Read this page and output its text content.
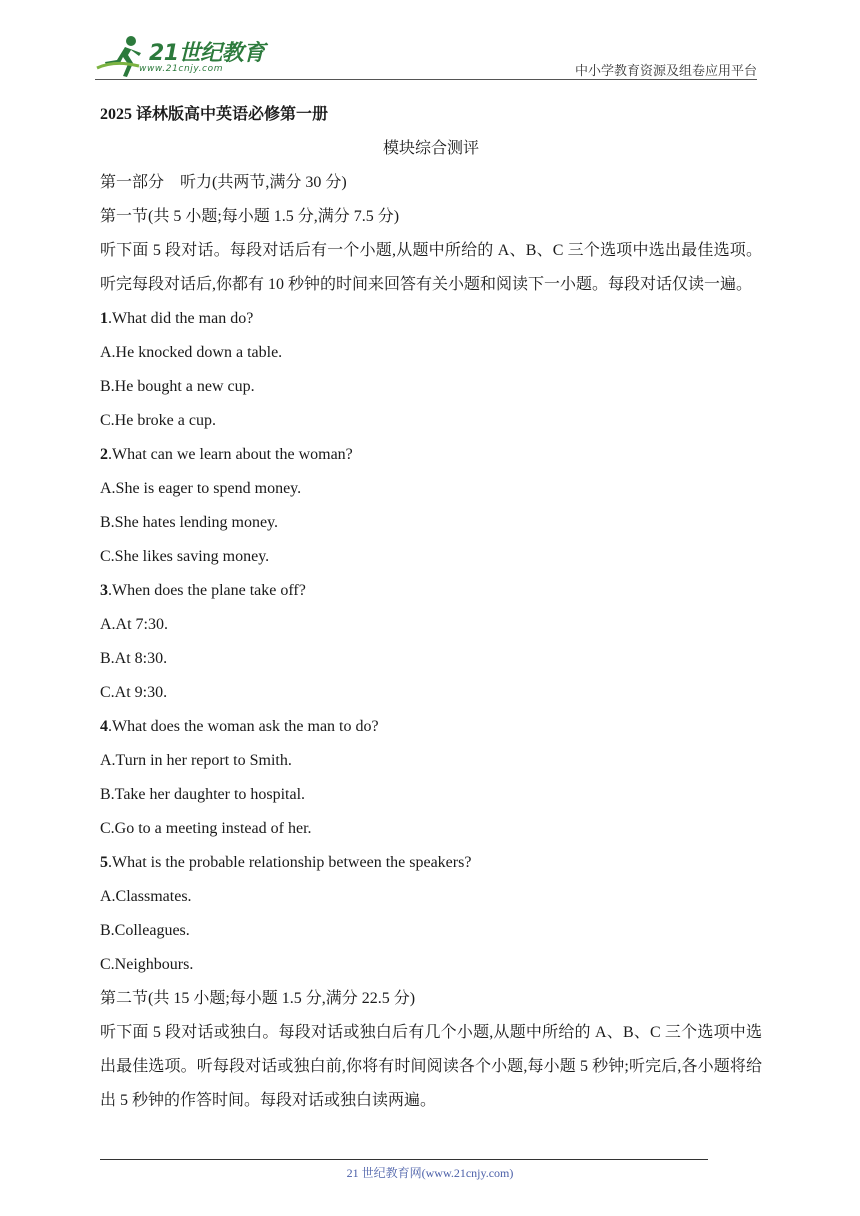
21世纪教育
www.21cnjy.com	中小学教育资源及组卷应用平台
2025 译林版高中英语必修第一册
模块综合测评
第一部分　听力(共两节,满分 30 分)
第一节(共 5 小题;每小题 1.5 分,满分 7.5 分)
听下面 5 段对话。每段对话后有一个小题,从题中所给的 A、B、C 三个选项中选出最佳选项。听完每段对话后,你都有 10 秒钟的时间来回答有关小题和阅读下一小题。每段对话仅读一遍。
1.What did the man do?
A.He knocked down a table.
B.He bought a new cup.
C.He broke a cup.
2.What can we learn about the woman?
A.She is eager to spend money.
B.She hates lending money.
C.She likes saving money.
3.When does the plane take off?
A.At 7:30.
B.At 8:30.
C.At 9:30.
4.What does the woman ask the man to do?
A.Turn in her report to Smith.
B.Take her daughter to hospital.
C.Go to a meeting instead of her.
5.What is the probable relationship between the speakers?
A.Classmates.
B.Colleagues.
C.Neighbours.
第二节(共 15 小题;每小题 1.5 分,满分 22.5 分)
听下面 5 段对话或独白。每段对话或独白后有几个小题,从题中所给的 A、B、C 三个选项中选出最佳选项。听每段对话或独白前,你将有时间阅读各个小题,每小题 5 秒钟;听完后,各小题将给出 5 秒钟的作答时间。每段对话或独白读两遍。
21 世纪教育网(www.21cnjy.com)
